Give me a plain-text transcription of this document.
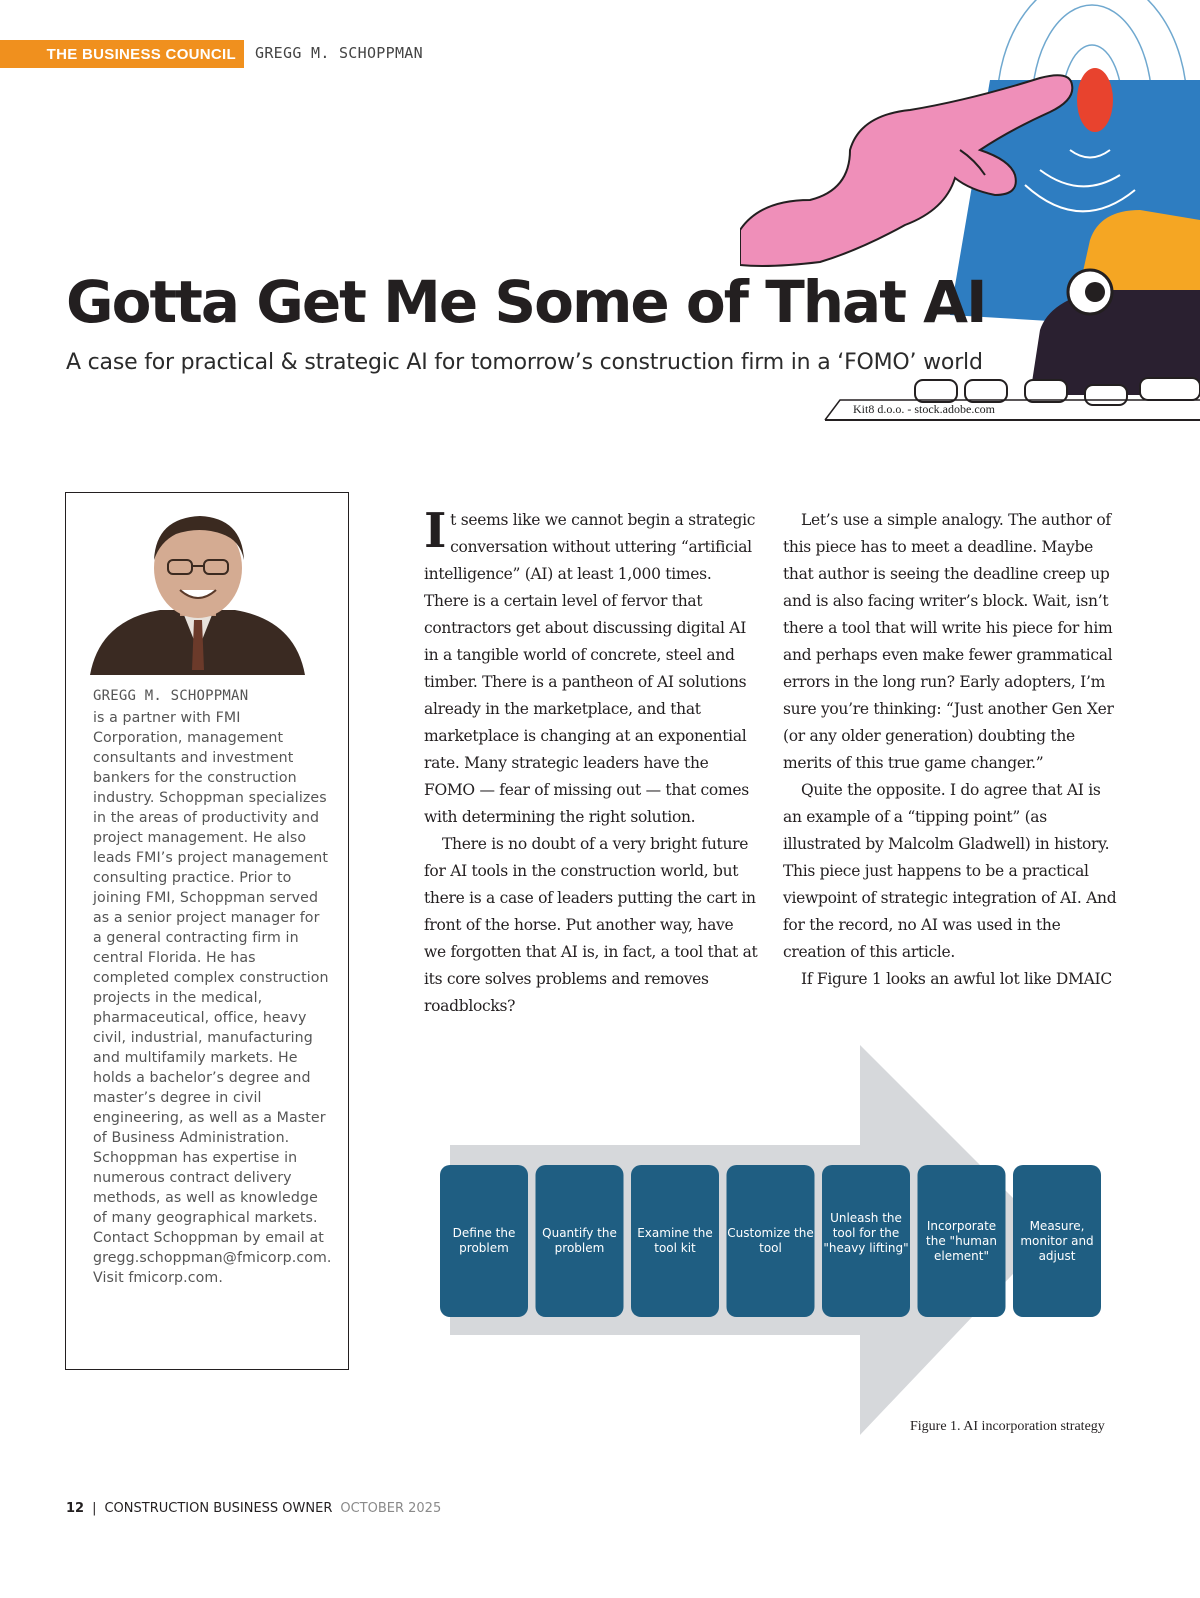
THE BUSINESS COUNCIL	GREGG M. SCHOPPMAN
Gotta Get Me Some of That AI
A case for practical & strategic AI for tomorrow’s construction firm in a ‘FOMO’ world
Kit8 d.o.o. - stock.adobe.com
GREGG M. SCHOPPMAN
is a partner with FMI Corporation, management consultants and investment bankers for the construction industry. Schoppman specializes in the areas of productivity and project management. He also leads FMI’s project management consulting practice. Prior to joining FMI, Schoppman served as a senior project manager for a general contracting firm in central Florida. He has completed complex construction projects in the medical, pharmaceutical, office, heavy civil, industrial, manufacturing and multifamily markets. He holds a bachelor’s degree and master’s degree in civil engineering, as well as a Master of Business Administration. Schoppman has expertise in numerous contract delivery methods, as well as knowledge of many geographical markets. Contact Schoppman by email at gregg.schoppman@fmicorp.com. Visit fmicorp.com.

It seems like we cannot begin a strategic conversation without uttering “artificial intelligence” (AI) at least 1,000 times. There is a certain level of fervor that contractors get about discussing digital AI in a tangible world of concrete, steel and timber. There is a pantheon of AI solutions already in the marketplace, and that marketplace is changing at an exponential rate. Many strategic leaders have the FOMO — fear of missing out — that comes with determining the right solution.

There is no doubt of a very bright future for AI tools in the construction world, but there is a case of leaders putting the cart in front of the horse. Put another way, have we forgotten that AI is, in fact, a tool that at its core solves problems and removes roadblocks?

Let’s use a simple analogy. The author of this piece has to meet a deadline. Maybe that author is seeing the deadline creep up and is also facing writer’s block. Wait, isn’t there a tool that will write his piece for him and perhaps even make fewer grammatical errors in the long run? Early adopters, I’m sure you’re thinking: “Just another Gen Xer (or any older generation) doubting the merits of this true game changer.”

Quite the opposite. I do agree that AI is an example of a “tipping point” (as illustrated by Malcolm Gladwell) in history. This piece just happens to be a practical viewpoint of strategic integration of AI. And for the record, no AI was used in the creation of this article.

If Figure 1 looks an awful lot like DMAIC

Define the problem
Quantify the problem
Examine the tool kit
Customize the tool
Unleash the tool for the "heavy lifting"
Incorporate the "human element"
Measure, monitor and adjust
Figure 1. AI incorporation strategy
12 | CONSTRUCTION BUSINESS OWNER OCTOBER 2025
